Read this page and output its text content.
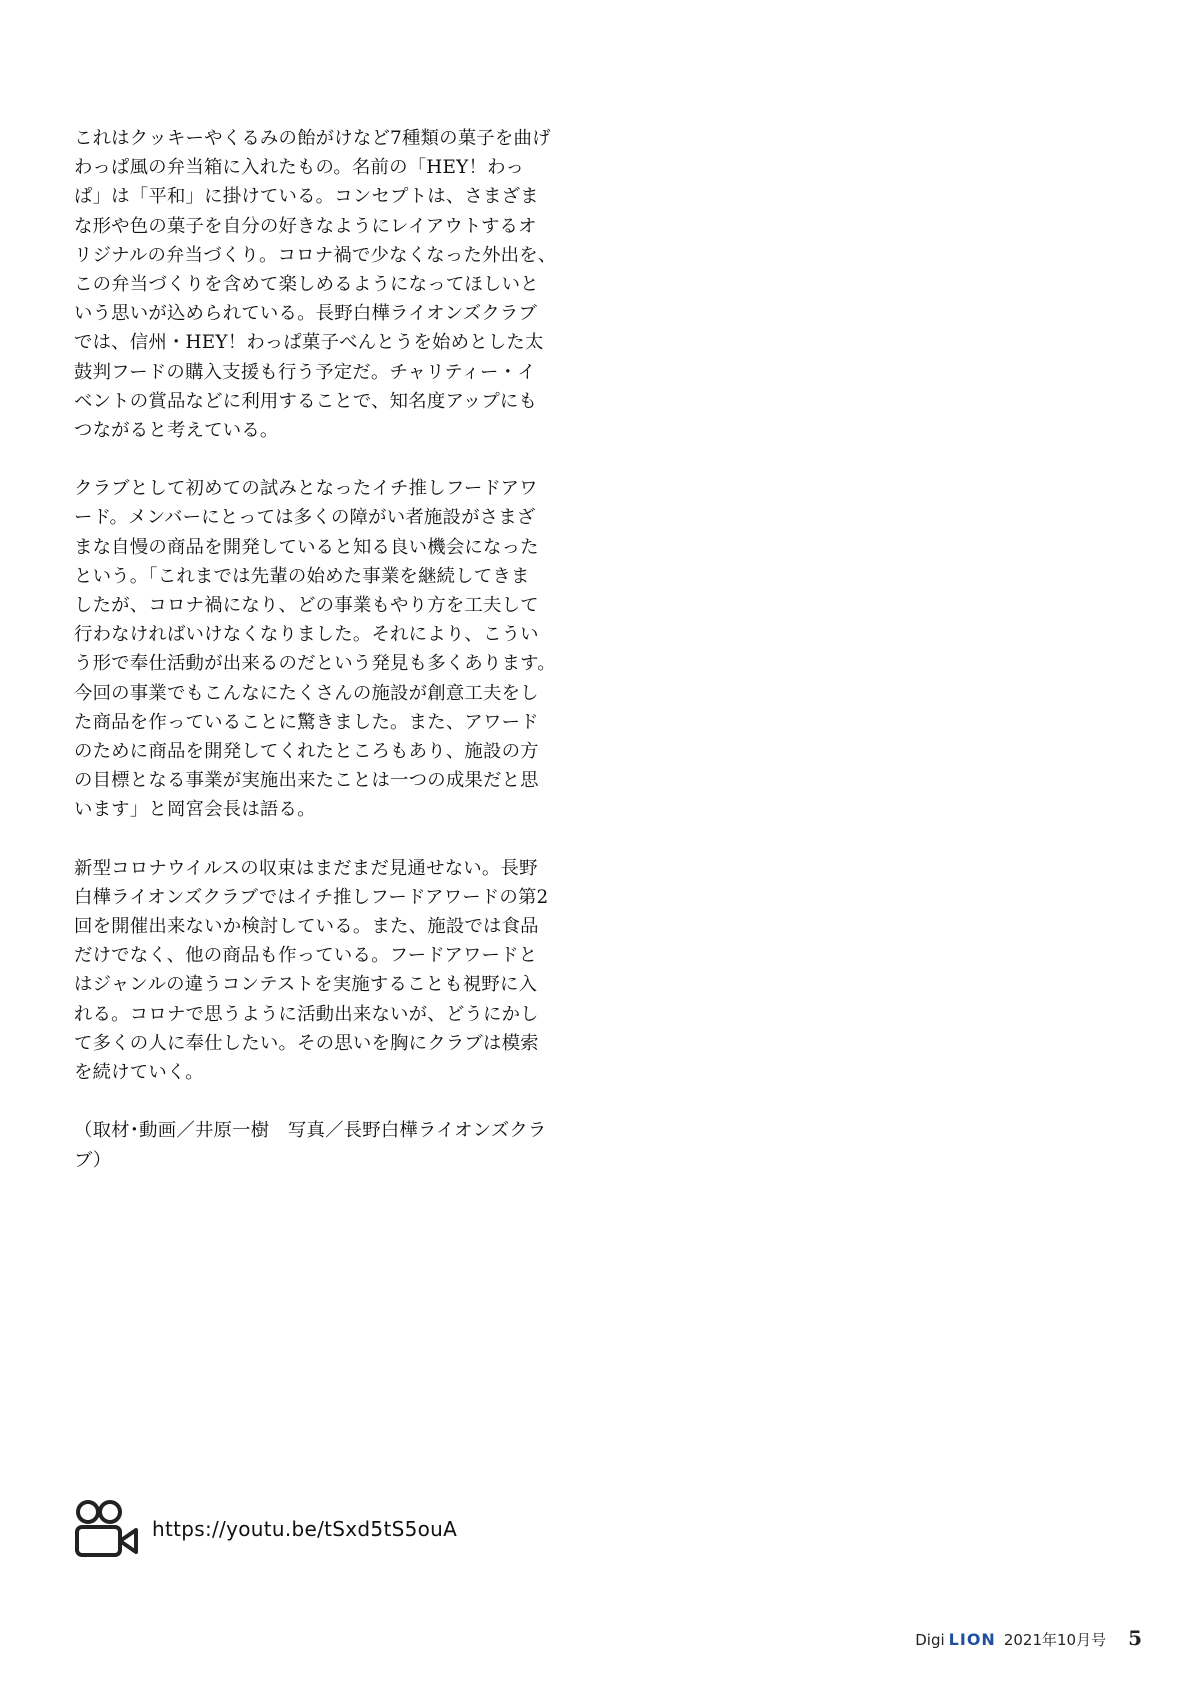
これはクッキーやくるみの飴がけなど7種類の菓子を曲げ
わっぱ風の弁当箱に入れたもの。名前の「HEY！わっ
ぱ」は「平和」に掛けている。コンセプトは、さまざま
な形や色の菓子を自分の好きなようにレイアウトするオ
リジナルの弁当づくり。コロナ禍で少なくなった外出を、
この弁当づくりを含めて楽しめるようになってほしいと
いう思いが込められている。長野白樺ライオンズクラブ
では、信州・HEY！わっぱ菓子べんとうを始めとした太
鼓判フードの購入支援も行う予定だ。チャリティー・イ
ベントの賞品などに利用することで、知名度アップにも
つながると考えている。

クラブとして初めての試みとなったイチ推しフードアワ
ード。メンバーにとっては多くの障がい者施設がさまざ
まな自慢の商品を開発していると知る良い機会になった
という。「これまでは先輩の始めた事業を継続してきま
したが、コロナ禍になり、どの事業もやり方を工夫して
行わなければいけなくなりました。それにより、こうい
う形で奉仕活動が出来るのだという発見も多くあります。
今回の事業でもこんなにたくさんの施設が創意工夫をし
た商品を作っていることに驚きました。また、アワード
のために商品を開発してくれたところもあり、施設の方
の目標となる事業が実施出来たことは一つの成果だと思
います」と岡宮会長は語る。

新型コロナウイルスの収束はまだまだ見通せない。長野
白樺ライオンズクラブではイチ推しフードアワードの第2
回を開催出来ないか検討している。また、施設では食品
だけでなく、他の商品も作っている。フードアワードと
はジャンルの違うコンテストを実施することも視野に入
れる。コロナで思うように活動出来ないが、どうにかし
て多くの人に奉仕したい。その思いを胸にクラブは模索
を続けていく。

（取材･動画／井原一樹　写真／長野白樺ライオンズクラ
ブ）

https://youtu.be/tSxd5tS5ouA
Digi LION 2021年10月号 5
